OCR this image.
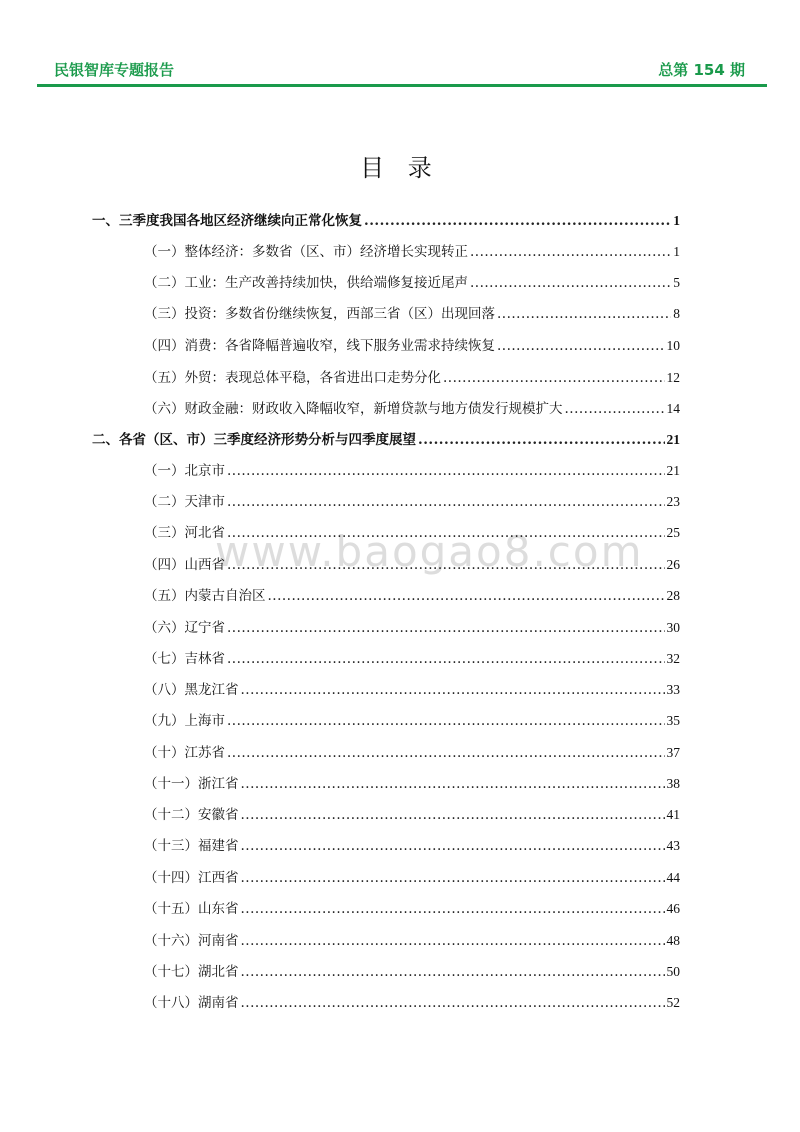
民银智库专题报告	总第 154 期
目 录
www.baogao8.com
一、三季度我国各地区经济继续向正常化恢复 .....	1
（一）整体经济：多数省（区、市）经济增长实现转正 .....	1
（二）工业：生产改善持续加快，供给端修复接近尾声 .....	5
（三）投资：多数省份继续恢复，西部三省（区）出现回落 .....	8
（四）消费：各省降幅普遍收窄，线下服务业需求持续恢复 .....	10
（五）外贸：表现总体平稳，各省进出口走势分化 .....	12
（六）财政金融：财政收入降幅收窄，新增贷款与地方债发行规模扩大 .....	14
二、各省（区、市）三季度经济形势分析与四季度展望 .....	21
（一）北京市 .....	21
（二）天津市 .....	23
（三）河北省 .....	25
（四）山西省 .....	26
（五）内蒙古自治区 .....	28
（六）辽宁省 .....	30
（七）吉林省 .....	32
（八）黑龙江省 .....	33
（九）上海市 .....	35
（十）江苏省 .....	37
（十一）浙江省 .....	38
（十二）安徽省 .....	41
（十三）福建省 .....	43
（十四）江西省 .....	44
（十五）山东省 .....	46
（十六）河南省 .....	48
（十七）湖北省 .....	50
（十八）湖南省 .....	52
